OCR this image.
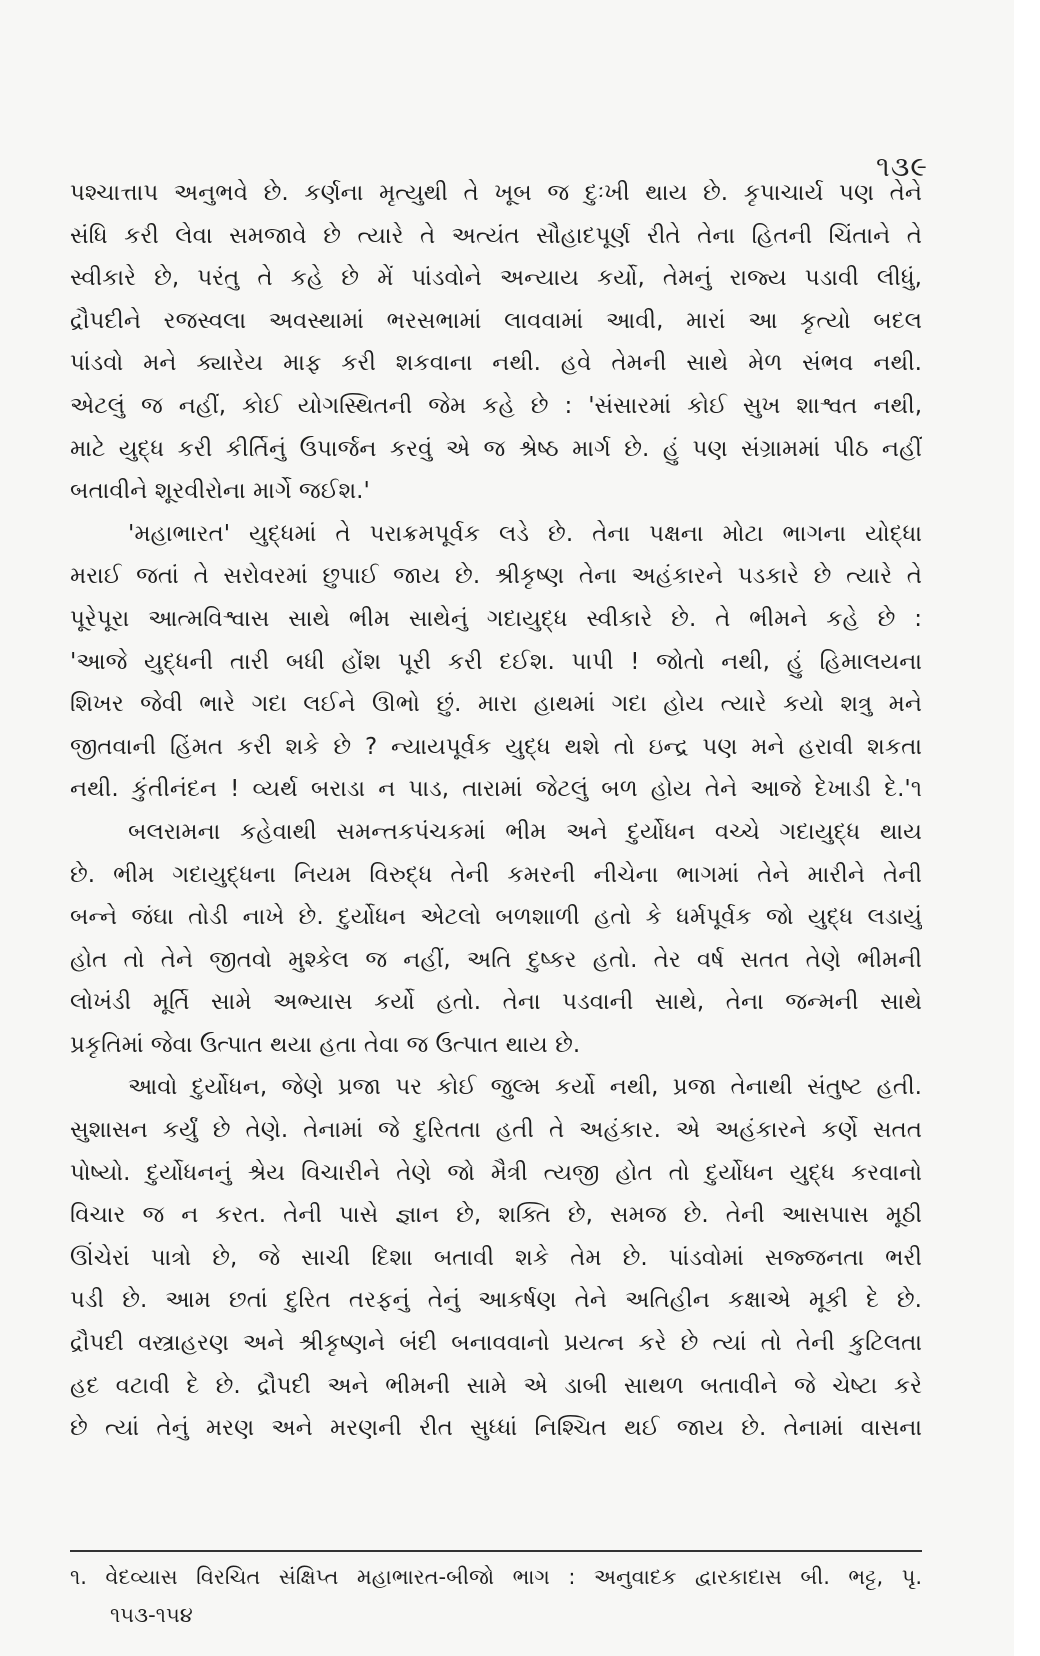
૧૩૯
પશ્ચાત્તાપ અનુભવે છે. કર્ણના મૃત્યુથી તે ખૂબ જ દુઃખી થાય છે. કૃપાચાર્ય પણ તેને
સંધિ કરી લેવા સમજાવે છે ત્યારે તે અત્યંત સૌહાદપૂર્ણ રીતે તેના હિતની ચિંતાને તે
સ્વીકારે છે, પરંતુ તે કહે છે મેં પાંડવોને અન્યાય કર્યો, તેમનું રાજ્ય પડાવી લીધું,
દ્રૌપદીને રજસ્વલા અવસ્થામાં ભરસભામાં લાવવામાં આવી, મારાં આ કૃત્યો બદલ
પાંડવો મને ક્યારેય માફ કરી શકવાના નથી. હવે તેમની સાથે મેળ સંભવ નથી.
એટલું જ નહીં, કોઈ યોગસ્થિતની જેમ કહે છે : 'સંસારમાં કોઈ સુખ શાશ્વત નથી,
માટે યુદ્ધ કરી કીર્તિનું ઉપાર્જન કરવું એ જ શ્રેષ્ઠ માર્ગ છે. હું પણ સંગ્રામમાં પીઠ નહીં
બતાવીને શૂરવીરોના માર્ગે જઈશ.'
'મહાભારત' યુદ્ધમાં તે પરાક્રમપૂર્વક લડે છે. તેના પક્ષના મોટા ભાગના યોદ્ધા
મરાઈ જતાં તે સરોવરમાં છુપાઈ જાય છે. શ્રીકૃષ્ણ તેના અહંકારને પડકારે છે ત્યારે તે
પૂરેપૂરા આત્મવિશ્વાસ સાથે ભીમ સાથેનું ગદાયુદ્ધ સ્વીકારે છે. તે ભીમને કહે છે :
'આજે યુદ્ધની તારી બધી હોંશ પૂરી કરી દઈશ. પાપી ! જોતો નથી, હું હિમાલયના
શિખર જેવી ભારે ગદા લઈને ઊભો છું. મારા હાથમાં ગદા હોય ત્યારે કયો શત્રુ મને
જીતવાની હિંમત કરી શકે છે ? ન્યાયપૂર્વક યુદ્ધ થશે તો ઇન્દ્ર પણ મને હરાવી શકતા
નથી. કુંતીનંદન ! વ્યર્થ બરાડા ન પાડ, તારામાં જેટલું બળ હોય તેને આજે દેખાડી દે.'૧
બલરામના કહેવાથી સમન્તકપંચકમાં ભીમ અને દુર્યોધન વચ્ચે ગદાયુદ્ધ થાય
છે. ભીમ ગદાયુદ્ધના નિયમ વિરુદ્ધ તેની કમરની નીચેના ભાગમાં તેને મારીને તેની
બન્ને જંઘા તોડી નાખે છે. દુર્યોધન એટલો બળશાળી હતો કે ધર્મપૂર્વક જો યુદ્ધ લડાયું
હોત તો તેને જીતવો મુશ્કેલ જ નહીં, અતિ દુષ્કર હતો. તેર વર્ષ સતત તેણે ભીમની
લોખંડી મૂર્તિ સામે અભ્યાસ કર્યો હતો. તેના પડવાની સાથે, તેના જન્મની સાથે
પ્રકૃતિમાં જેવા ઉત્પાત થયા હતા તેવા જ ઉત્પાત થાય છે.
આવો દુર્યોધન, જેણે પ્રજા પર કોઈ જુલ્મ કર્યો નથી, પ્રજા તેનાથી સંતુષ્ટ હતી.
સુશાસન કર્યું છે તેણે. તેનામાં જે દુરિતતા હતી તે અહંકાર. એ અહંકારને કર્ણે સતત
પોષ્યો. દુર્યોધનનું શ્રેય વિચારીને તેણે જો મૈત્રી ત્યજી હોત તો દુર્યોધન યુદ્ધ કરવાનો
વિચાર જ ન કરત. તેની પાસે જ્ઞાન છે, શક્તિ છે, સમજ છે. તેની આસપાસ મૂઠી
ઊંચેરાં પાત્રો છે, જે સાચી દિશા બતાવી શકે તેમ છે. પાંડવોમાં સજ્જનતા ભરી
પડી છે. આમ છતાં દુરિત તરફનું તેનું આકર્ષણ તેને અતિહીન કક્ષાએ મૂકી દે છે.
દ્રૌપદી વસ્ત્રાહરણ અને શ્રીકૃષ્ણને બંદી બનાવવાનો પ્રયત્ન કરે છે ત્યાં તો તેની કુટિલતા
હદ વટાવી દે છે. દ્રૌપદી અને ભીમની સામે એ ડાબી સાથળ બતાવીને જે ચેષ્ટા કરે
છે ત્યાં તેનું મરણ અને મરણની રીત સુધ્ધાં નિશ્ચિત થઈ જાય છે. તેનામાં વાસના
૧. વેદવ્યાસ વિરચિત સંક્ષિપ્ત મહાભારત-બીજો ભાગ : અનુવાદક દ્વારકાદાસ બી. ભટ્ટ, પૃ.
૧૫૩-૧૫૪
